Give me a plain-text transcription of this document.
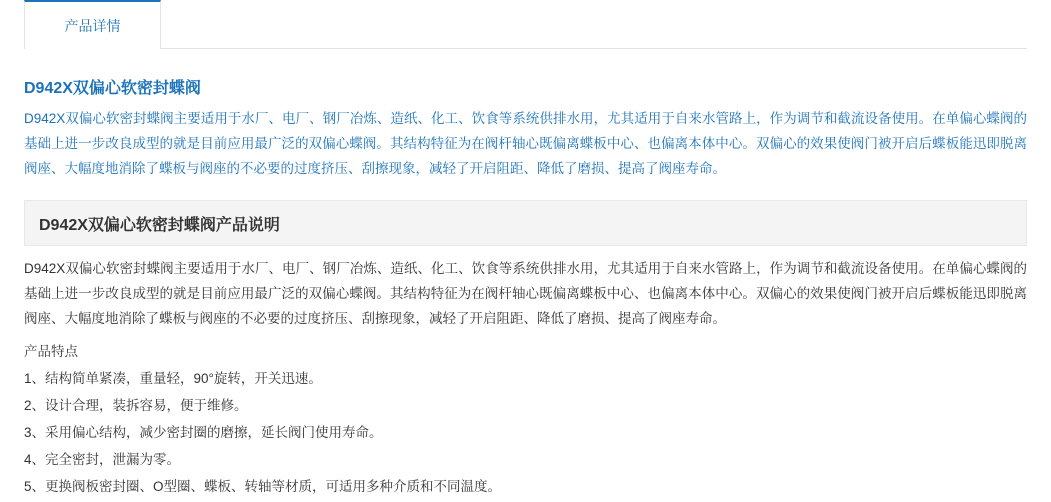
产品详情
D942X双偏心软密封蝶阀

D942X双偏心软密封蝶阀主要适用于水厂、电厂、钢厂冶炼、造纸、化工、饮食等系统供排水用，尤其适用于自来水管路上，作为调节和截流设备使用。在单偏心蝶阀的基础上进一步改良成型的就是目前应用最广泛的双偏心蝶阀。其结构特征为在阀杆轴心既偏离蝶板中心、也偏离本体中心。双偏心的效果使阀门被开启后蝶板能迅即脱离阀座、大幅度地消除了蝶板与阀座的不必要的过度挤压、刮擦现象，减轻了开启阻距、降低了磨损、提高了阀座寿命。

D942X双偏心软密封蝶阀产品说明

D942X双偏心软密封蝶阀主要适用于水厂、电厂、钢厂冶炼、造纸、化工、饮食等系统供排水用，尤其适用于自来水管路上，作为调节和截流设备使用。在单偏心蝶阀的基础上进一步改良成型的就是目前应用最广泛的双偏心蝶阀。其结构特征为在阀杆轴心既偏离蝶板中心、也偏离本体中心。双偏心的效果使阀门被开启后蝶板能迅即脱离阀座、大幅度地消除了蝶板与阀座的不必要的过度挤压、刮擦现象，减轻了开启阻距、降低了磨损、提高了阀座寿命。

产品特点

1、结构简单紧凑，重量轻，90°旋转，开关迅速。

2、设计合理，装拆容易，便于维修。

3、采用偏心结构，减少密封圈的磨擦，延长阀门使用寿命。

4、完全密封，泄漏为零。

5、更换阀板密封圈、O型圈、蝶板、转轴等材质，可适用多种介质和不同温度。
